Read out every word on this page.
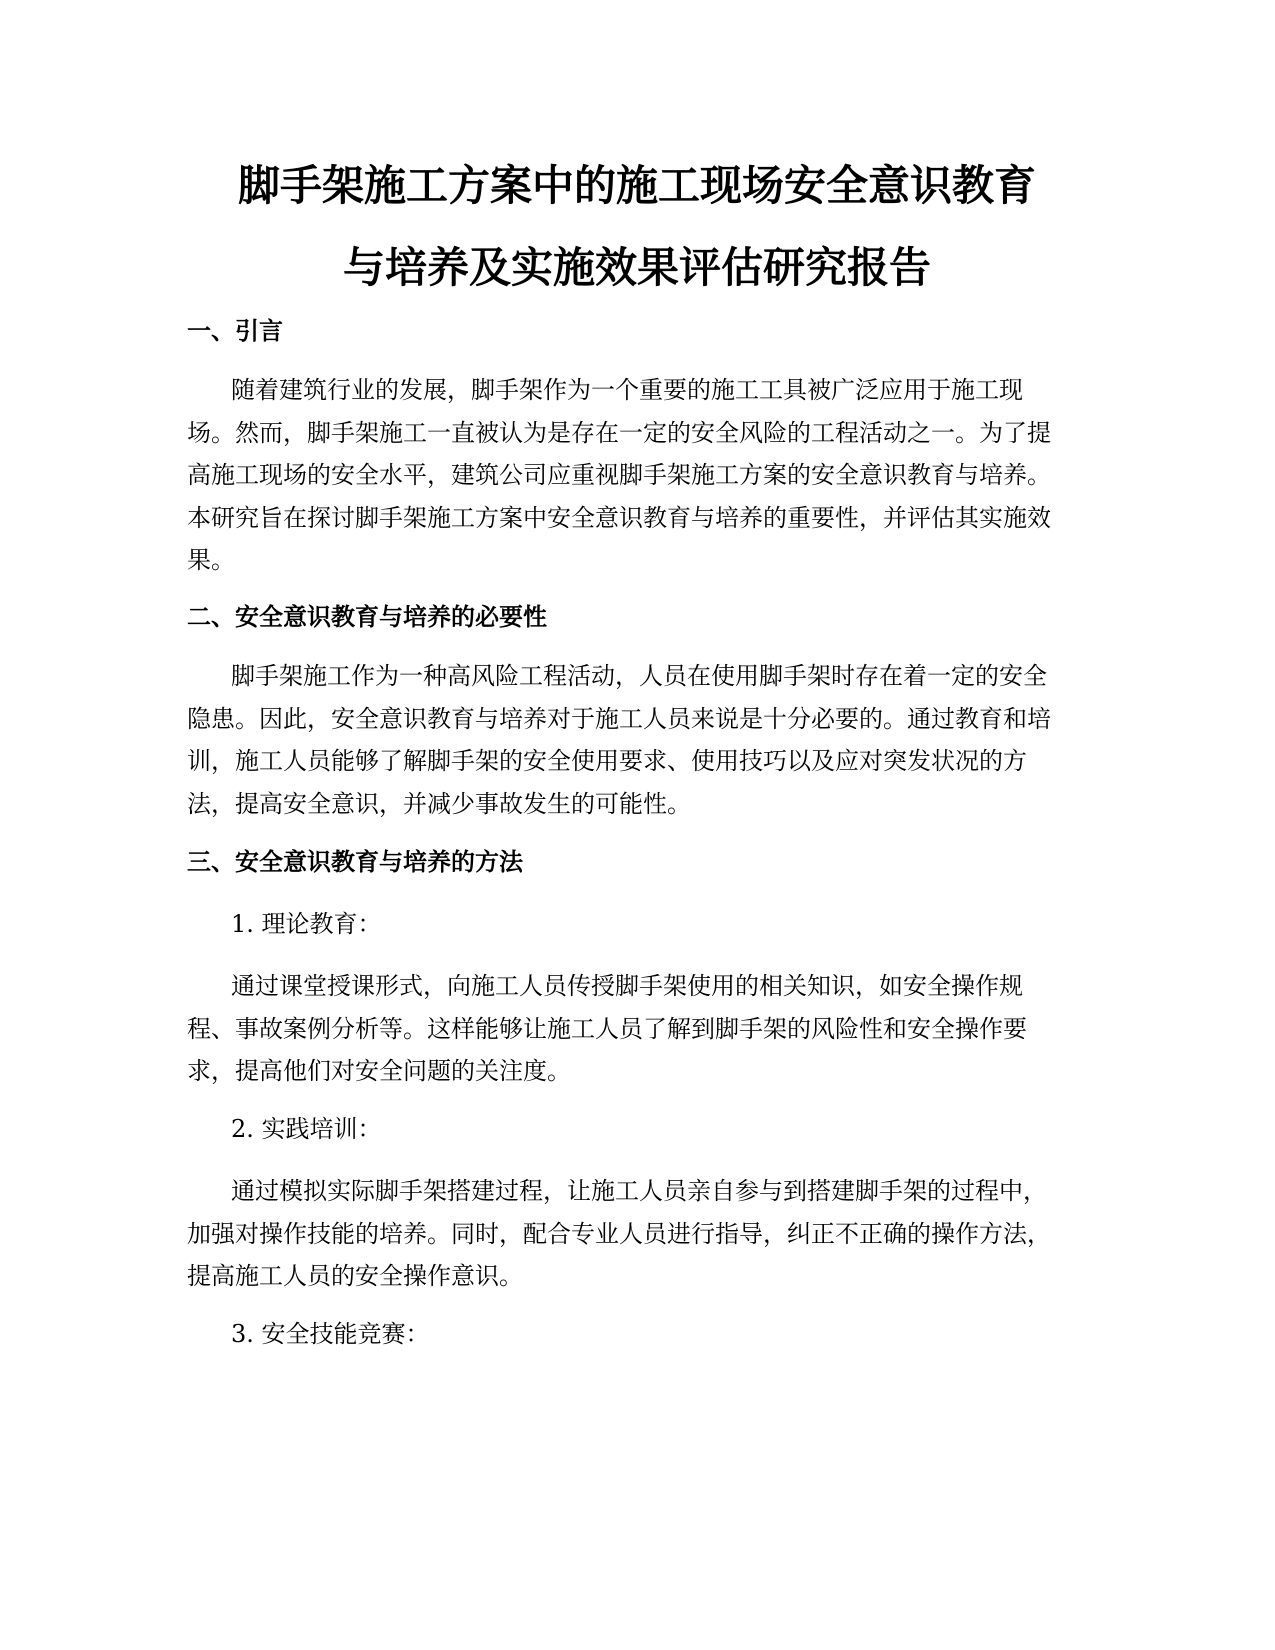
脚手架施工方案中的施工现场安全意识教育
与培养及实施效果评估研究报告
一、引言
随着建筑行业的发展，脚手架作为一个重要的施工工具被广泛应用于施工现
场。然而，脚手架施工一直被认为是存在一定的安全风险的工程活动之一。为了提
高施工现场的安全水平，建筑公司应重视脚手架施工方案的安全意识教育与培养。
本研究旨在探讨脚手架施工方案中安全意识教育与培养的重要性，并评估其实施效
果。
二、安全意识教育与培养的必要性
脚手架施工作为一种高风险工程活动，人员在使用脚手架时存在着一定的安全
隐患。因此，安全意识教育与培养对于施工人员来说是十分必要的。通过教育和培
训，施工人员能够了解脚手架的安全使用要求、使用技巧以及应对突发状况的方
法，提高安全意识，并减少事故发生的可能性。
三、安全意识教育与培养的方法

1. 理论教育：

通过课堂授课形式，向施工人员传授脚手架使用的相关知识，如安全操作规
程、事故案例分析等。这样能够让施工人员了解到脚手架的风险性和安全操作要
求，提高他们对安全问题的关注度。

2. 实践培训：

通过模拟实际脚手架搭建过程，让施工人员亲自参与到搭建脚手架的过程中，
加强对操作技能的培养。同时，配合专业人员进行指导，纠正不正确的操作方法，
提高施工人员的安全操作意识。

3. 安全技能竞赛：
